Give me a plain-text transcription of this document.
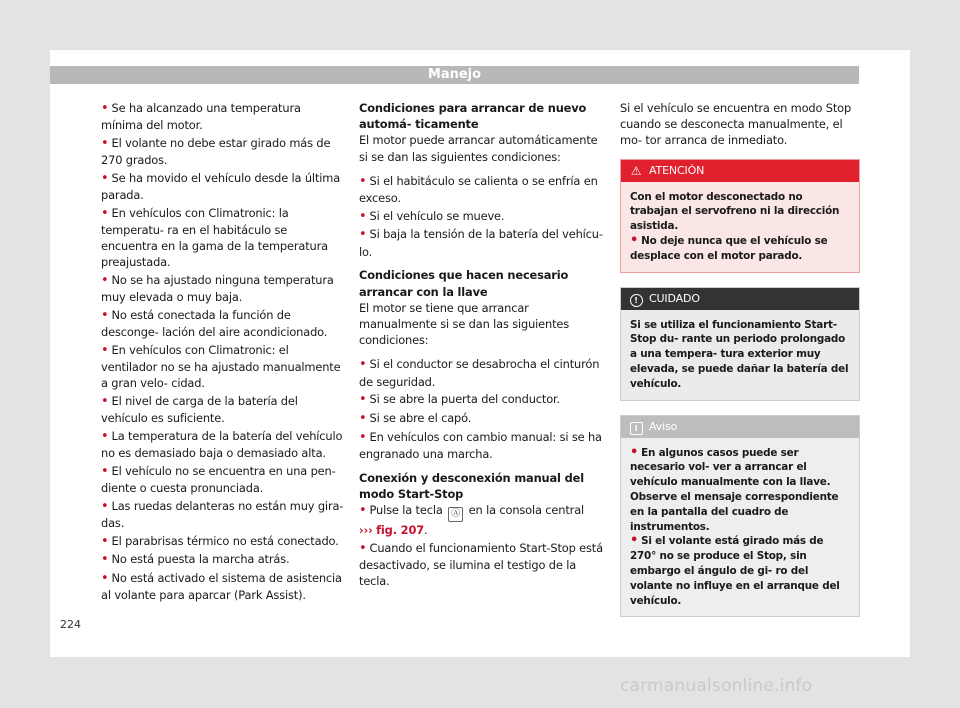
Manejo
• Se ha alcanzado una temperatura mínima del motor.
• El volante no debe estar girado más de 270 grados.
• Se ha movido el vehículo desde la última parada.
• En vehículos con Climatronic: la temperatu- ra en el habitáculo se encuentra en la gama de la temperatura preajustada.
• No se ha ajustado ninguna temperatura muy elevada o muy baja.
• No está conectada la función de desconge- lación del aire acondicionado.
• En vehículos con Climatronic: el ventilador no se ha ajustado manualmente a gran velo- cidad.
• El nivel de carga de la batería del vehículo es suficiente.
• La temperatura de la batería del vehículo no es demasiado baja o demasiado alta.
• El vehículo no se encuentra en una pen- diente o cuesta pronunciada.
• Las ruedas delanteras no están muy gira- das.
• El parabrisas térmico no está conectado.
• No está puesta la marcha atrás.
• No está activado el sistema de asistencia al volante para aparcar (Park Assist).
Condiciones para arrancar de nuevo automá- ticamente
El motor puede arrancar automáticamente si se dan las siguientes condiciones:
• Si el habitáculo se calienta o se enfría en exceso.
• Si el vehículo se mueve.
• Si baja la tensión de la batería del vehícu- lo.
Condiciones que hacen necesario arrancar con la llave
El motor se tiene que arrancar manualmente si se dan las siguientes condiciones:
• Si el conductor se desabrocha el cinturón de seguridad.
• Si se abre la puerta del conductor.
• Si se abre el capó.
• En vehículos con cambio manual: si se ha engranado una marcha.
Conexión y desconexión manual del modo Start-Stop
• Pulse la tecla Ⓐ en la consola central
››› fig. 207.
• Cuando el funcionamiento Start-Stop está desactivado, se ilumina el testigo de la tecla.
Si el vehículo se encuentra en modo Stop cuando se desconecta manualmente, el mo- tor arranca de inmediato.
⚠ ATENCIÓN
Con el motor desconectado no trabajan el servofreno ni la dirección asistida.
• No deje nunca que el vehículo se desplace con el motor parado.
!	CUIDADO
Si se utiliza el funcionamiento Start-Stop du- rante un periodo prolongado a una tempera- tura exterior muy elevada, se puede dañar la batería del vehículo.
i	Aviso
• En algunos casos puede ser necesario vol- ver a arrancar el vehículo manualmente con la llave. Observe el mensaje correspondiente en la pantalla del cuadro de instrumentos.
• Si el volante está girado más de 270° no se produce el Stop, sin embargo el ángulo de gi- ro del volante no influye en el arranque del vehículo.
224
carmanualsonline.info
